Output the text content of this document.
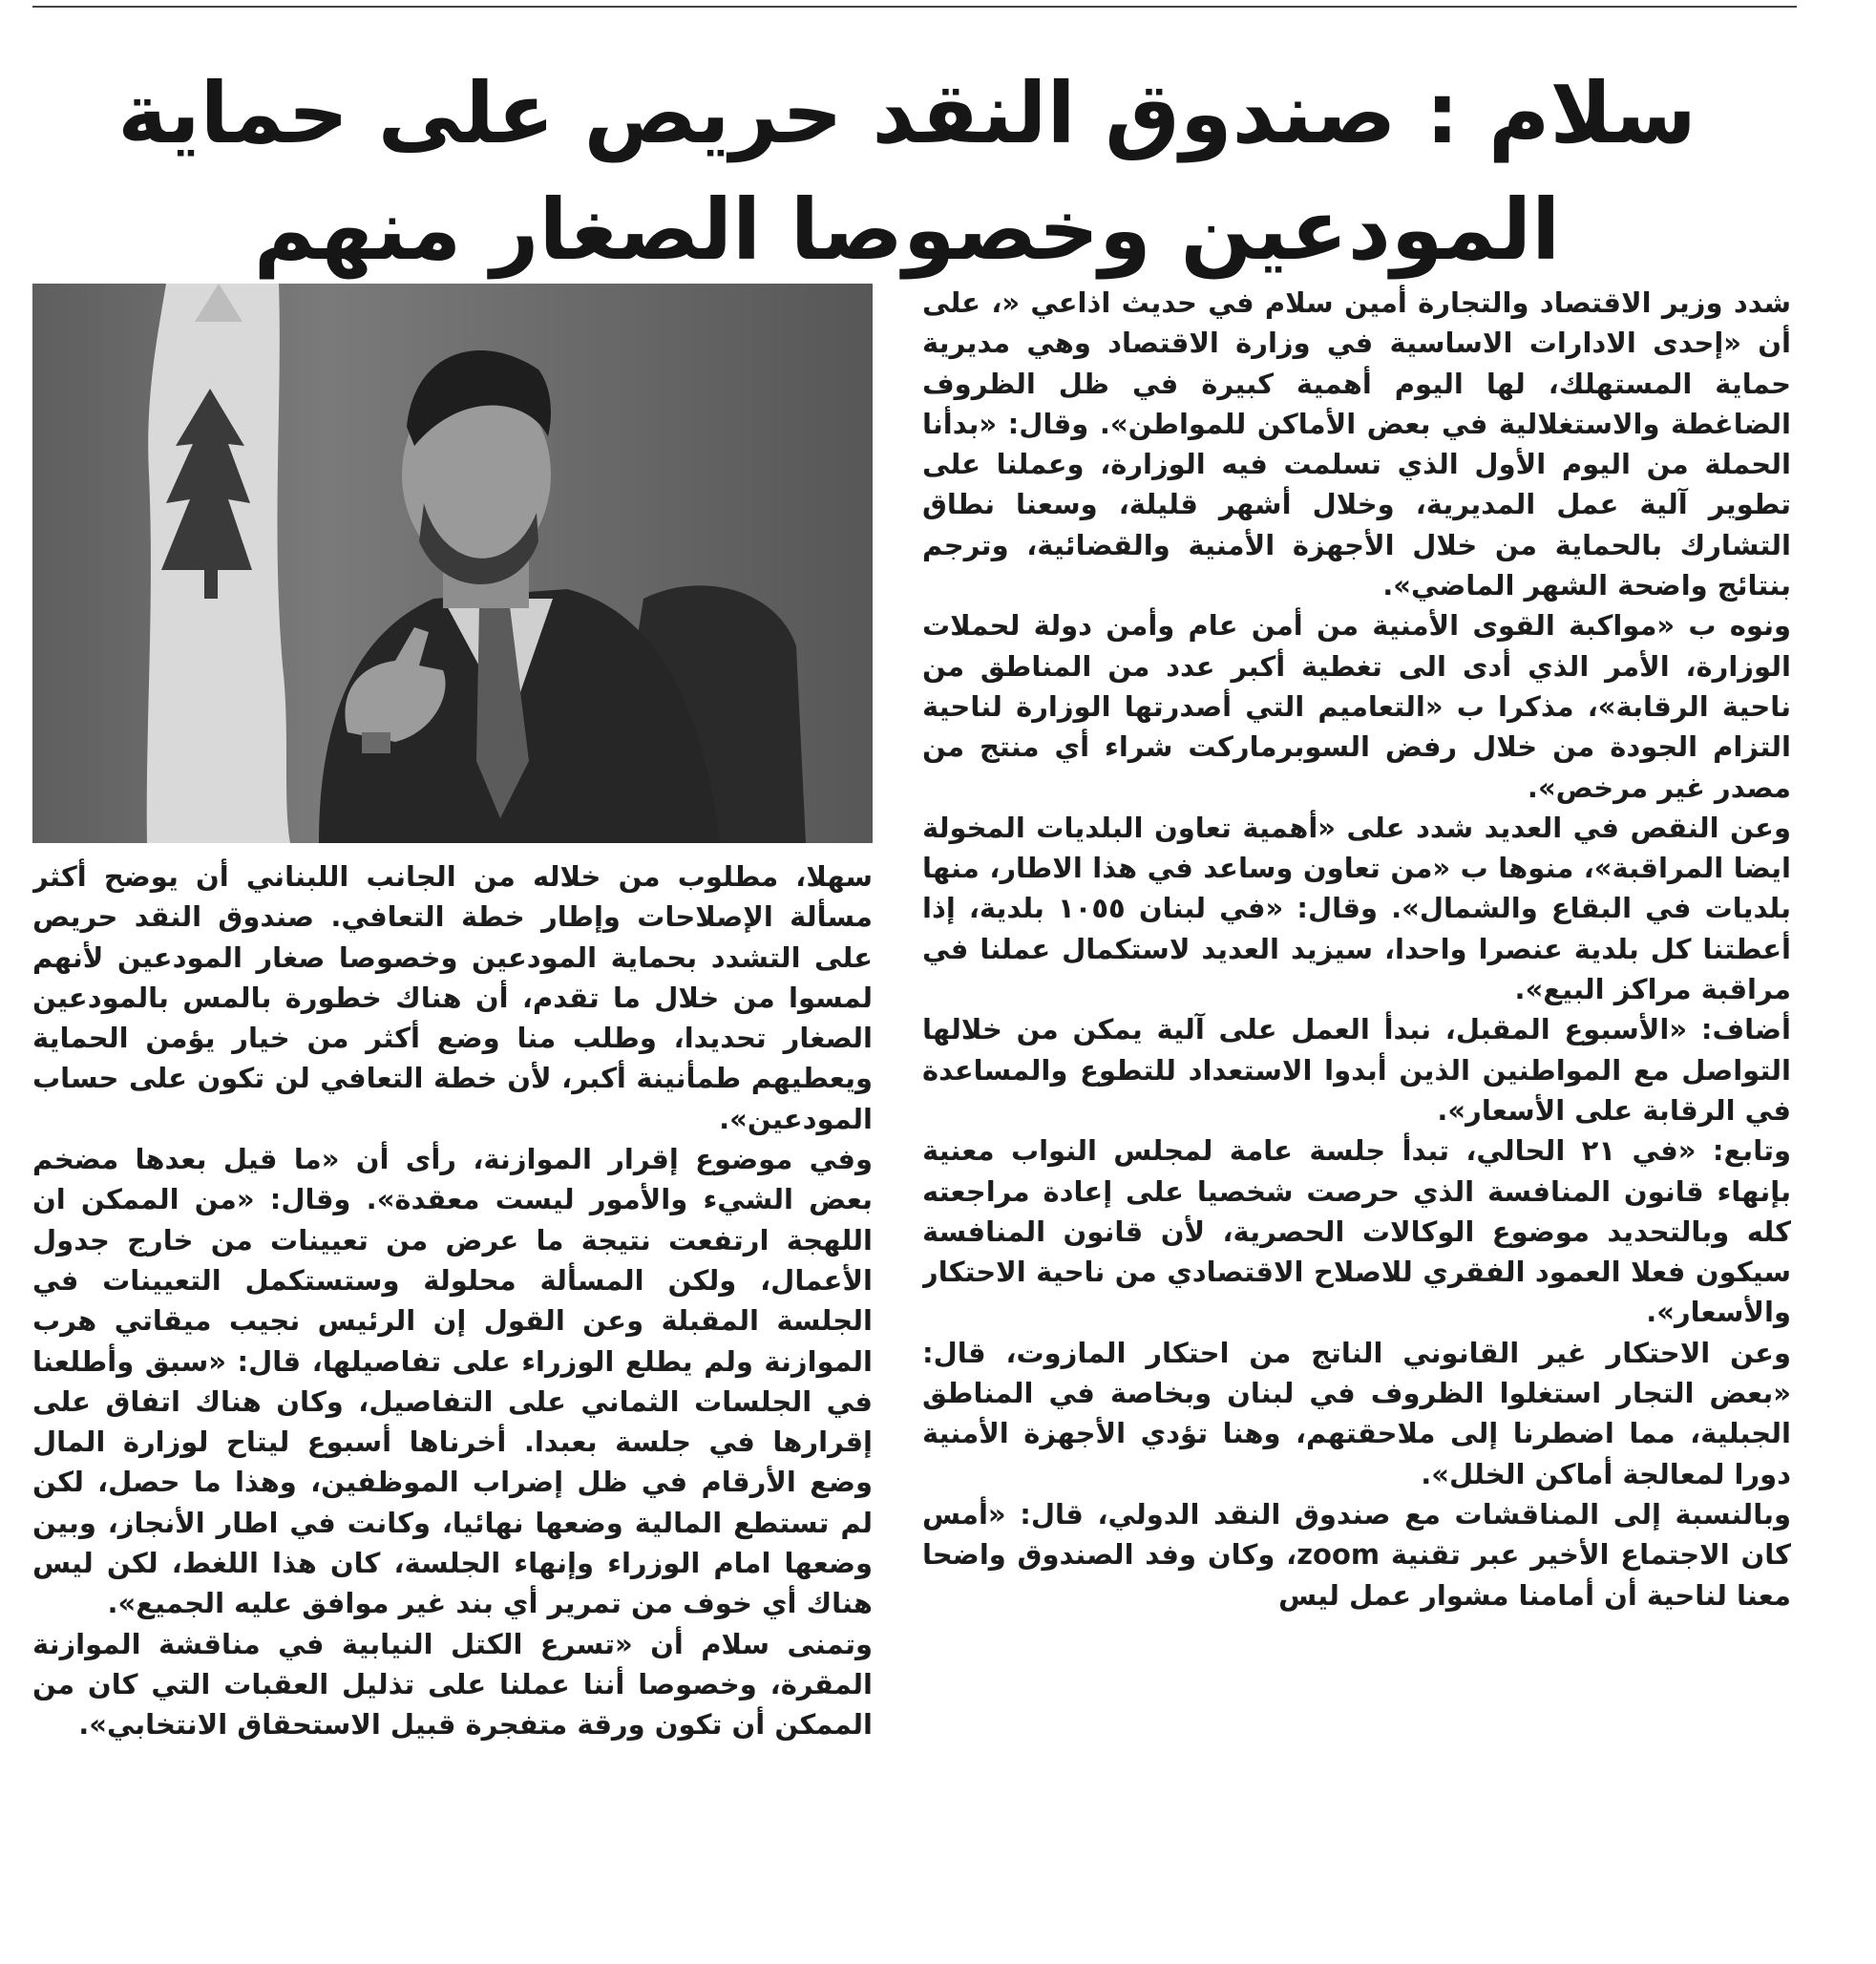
سلام : صندوق النقد حريص على حماية
المودعين وخصوصا الصغار منهم

شدد وزير الاقتصاد والتجارة أمين سلام في حديث اذاعي «، على أن «إحدى الادارات الاساسية في وزارة الاقتصاد وهي مديرية حماية المستهلك، لها اليوم أهمية كبيرة في ظل الظروف الضاغطة والاستغلالية في بعض الأماكن للمواطن». وقال: «بدأنا الحملة من اليوم الأول الذي تسلمت فيه الوزارة، وعملنا على تطوير آلية عمل المديرية، وخلال أشهر قليلة، وسعنا نطاق التشارك بالحماية من خلال الأجهزة الأمنية والقضائية، وترجم بنتائج واضحة الشهر الماضي».

ونوه ب «مواكبة القوى الأمنية من أمن عام وأمن دولة لحملات الوزارة، الأمر الذي أدى الى تغطية أكبر عدد من المناطق من ناحية الرقابة»، مذكرا ب «التعاميم التي أصدرتها الوزارة لناحية التزام الجودة من خلال رفض السوبرماركت شراء أي منتج من مصدر غير مرخص».

وعن النقص في العديد شدد على «أهمية تعاون البلديات المخولة ايضا المراقبة»، منوها ب «من تعاون وساعد في هذا الاطار، منها بلديات في البقاع والشمال». وقال: «في لبنان ١٠٥٥ بلدية، إذا أعطتنا كل بلدية عنصرا واحدا، سيزيد العديد لاستكمال عملنا في مراقبة مراكز البيع».

أضاف: «الأسبوع المقبل، نبدأ العمل على آلية يمكن من خلالها التواصل مع المواطنين الذين أبدوا الاستعداد للتطوع والمساعدة في الرقابة على الأسعار».

وتابع: «في ٢١ الحالي، تبدأ جلسة عامة لمجلس النواب معنية بإنهاء قانون المنافسة الذي حرصت شخصيا على إعادة مراجعته كله وبالتحديد موضوع الوكالات الحصرية، لأن قانون المنافسة سيكون فعلا العمود الفقري للاصلاح الاقتصادي من ناحية الاحتكار والأسعار».

وعن الاحتكار غير القانوني الناتج من احتكار المازوت، قال: «بعض التجار استغلوا الظروف في لبنان وبخاصة في المناطق الجبلية، مما اضطرنا إلى ملاحقتهم، وهنا تؤدي الأجهزة الأمنية دورا لمعالجة أماكن الخلل».

وبالنسبة إلى المناقشات مع صندوق النقد الدولي، قال: «أمس كان الاجتماع الأخير عبر تقنية zoom، وكان وفد الصندوق واضحا معنا لناحية أن أمامنا مشوار عمل ليس

سهلا، مطلوب من خلاله من الجانب اللبناني أن يوضح أكثر مسألة الإصلاحات وإطار خطة التعافي. صندوق النقد حريص على التشدد بحماية المودعين وخصوصا صغار المودعين لأنهم لمسوا من خلال ما تقدم، أن هناك خطورة بالمس بالمودعين الصغار تحديدا، وطلب منا وضع أكثر من خيار يؤمن الحماية ويعطيهم طمأنينة أكبر، لأن خطة التعافي لن تكون على حساب المودعين».

وفي موضوع إقرار الموازنة، رأى أن «ما قيل بعدها مضخم بعض الشيء والأمور ليست معقدة». وقال: «من الممكن ان اللهجة ارتفعت نتيجة ما عرض من تعيينات من خارج جدول الأعمال، ولكن المسألة محلولة وستستكمل التعيينات في الجلسة المقبلة وعن القول إن الرئيس نجيب ميقاتي هرب الموازنة ولم يطلع الوزراء على تفاصيلها، قال: «سبق وأطلعنا في الجلسات الثماني على التفاصيل، وكان هناك اتفاق على إقرارها في جلسة بعبدا. أخرناها أسبوع ليتاح لوزارة المال وضع الأرقام في ظل إضراب الموظفين، وهذا ما حصل، لكن لم تستطع المالية وضعها نهائيا، وكانت في اطار الأنجاز، وبين وضعها امام الوزراء وإنهاء الجلسة، كان هذا اللغط، لكن ليس هناك أي خوف من تمرير أي بند غير موافق عليه الجميع».

وتمنى سلام أن «تسرع الكتل النيابية في مناقشة الموازنة المقرة، وخصوصا أننا عملنا على تذليل العقبات التي كان من الممكن أن تكون ورقة متفجرة قبيل الاستحقاق الانتخابي».
